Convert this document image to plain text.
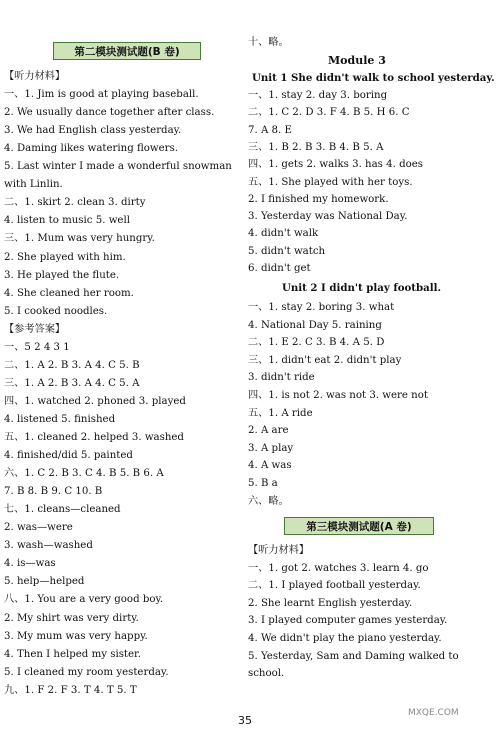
第二模块测试题(B 卷)
【听力材料】
一、1. Jim is good at playing baseball.
2. We usually dance together after class.
3. We had English class yesterday.
4. Daming likes watering flowers.
5. Last winter I made a wonderful snowman
with Linlin.
二、1. skirt 2. clean 3. dirty
4. listen to music 5. well
三、1. Mum was very hungry.
2. She played with him.
3. He played the flute.
4. She cleaned her room.
5. I cooked noodles.
【参考答案】
一、5 2 4 3 1
二、1. A 2. B 3. A 4. C 5. B
三、1. A 2. B 3. A 4. C 5. A
四、1. watched 2. phoned 3. played
4. listened 5. finished
五、1. cleaned 2. helped 3. washed
4. finished/did 5. painted
六、1. C 2. B 3. C 4. B 5. B 6. A
7. B 8. B 9. C 10. B
七、1. cleans—cleaned
2. was—were
3. wash—washed
4. is—was
5. help—helped
八、1. You are a very good boy.
2. My shirt was very dirty.
3. My mum was very happy.
4. Then I helped my sister.
5. I cleaned my room yesterday.
九、1. F 2. F 3. T 4. T 5. T
十、略。
Module 3
Unit 1 She didn't walk to school yesterday.
一、1. stay 2. day 3. boring
二、1. C 2. D 3. F 4. B 5. H 6. C
7. A 8. E
三、1. B 2. B 3. B 4. B 5. A
四、1. gets 2. walks 3. has 4. does
五、1. She played with her toys.
2. I finished my homework.
3. Yesterday was National Day.
4. didn't walk
5. didn't watch
6. didn't get
Unit 2 I didn't play football.
一、1. stay 2. boring 3. what
4. National Day 5. raining
二、1. E 2. C 3. B 4. A 5. D
三、1. didn't eat 2. didn't play
3. didn't ride
四、1. is not 2. was not 3. were not
五、1. A ride
2. A are
3. A play
4. A was
5. B a
六、略。
第三模块测试题(A 卷)
【听力材料】
一、1. got 2. watches 3. learn 4. go
二、1. I played football yesterday.
2. She learnt English yesterday.
3. I played computer games yesterday.
4. We didn't play the piano yesterday.
5. Yesterday, Sam and Daming walked to
school.
35
MXQE.COM
